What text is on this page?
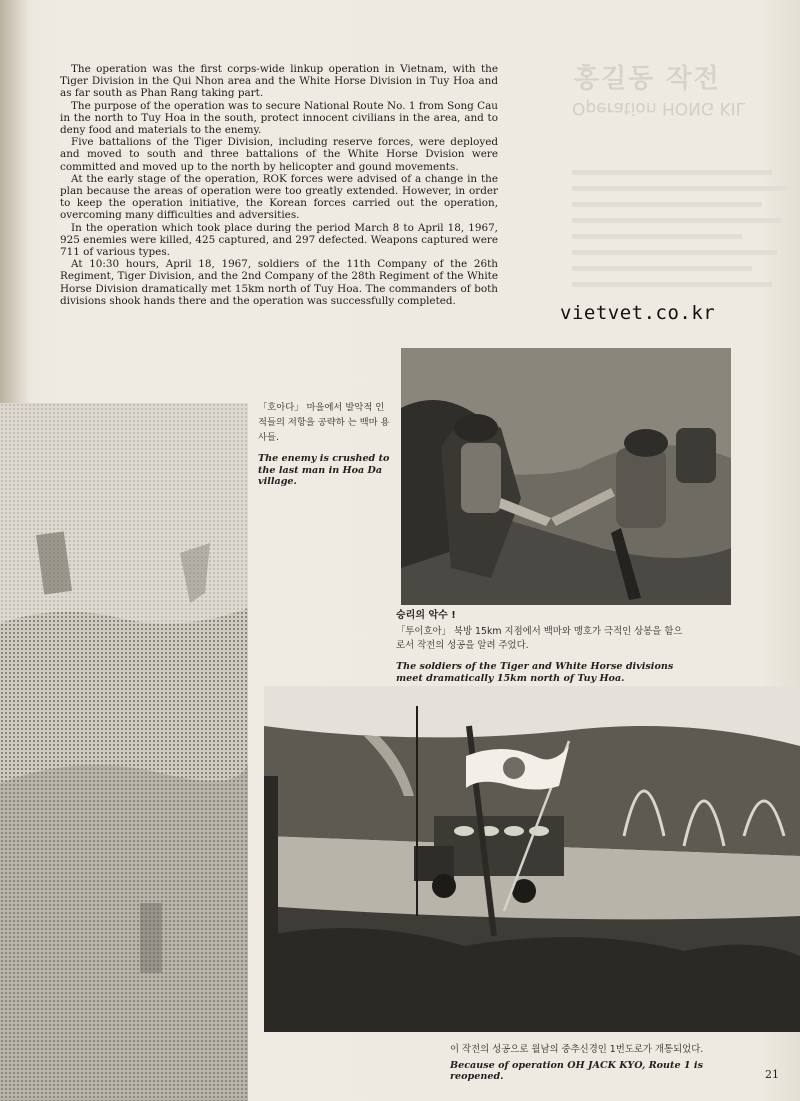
The operation was the first corps-wide linkup operation in Vietnam, with the Tiger Division in the Qui Nhon area and the White Horse Division in Tuy Hoa and as far south as Phan Rang taking part.

The purpose of the operation was to secure National Route No. 1 from Song Cau in the north to Tuy Hoa in the south, protect innocent civilians in the area, and to deny food and materials to the enemy.

Five battalions of the Tiger Division, including reserve forces, were deployed and moved to south and three battalions of the White Horse Dvision were committed and moved up to the north by helicopter and gound movements.

At the early stage of the operation, ROK forces were advised of a change in the plan because the areas of operation were too greatly extended. However, in order to keep the operation initiative, the Korean forces carried out the operation, overcoming many difficulties and adversities.

In the operation which took place during the period March 8 to April 18, 1967, 925 enemies were killed, 425 captured, and 297 defected. Weapons captured were 711 of various types.

At 10:30 hours, April 18, 1967, soldiers of the 11th Company of the 26th Regiment, Tiger Division, and the 2nd Company of the 28th Regiment of the White Horse Division dramatically met 15km north of Tuy Hoa. The commanders of both divisions shook hands there and the operation was successfully completed.

홍길동 작전
Operation HONG KIL
vietvet.co.kr
「호아다」 마을에서 발악적 인 적들의 저항을 공략하 는 백마 용사들.
The enemy is crushed to the last man in Hoa Da village.
승리의 악수 !
「투이호아」 북방 15km 지점에서 백마와 맹호가 극적인 상봉을 함으 로서 작전의 성공을 알려 주었다.
The soldiers of the Tiger and White Horse divisions meet dramatically 15km north of Tuy Hoa.
이 작전의 성공으로 월남의 중추신경인 1번도로가 개통되었다.
Because of operation OH JACK KYO, Route 1 is reopened.	21
